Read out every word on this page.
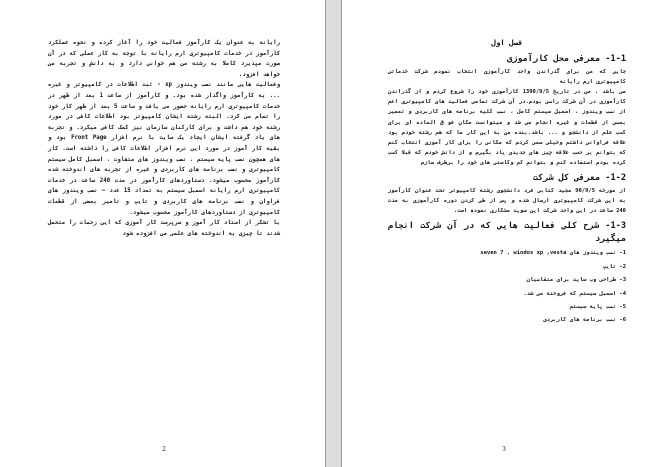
رایانه به عنوان یک کارآموز فعالیت خود را آغاز کرده و نحوه عملکرد کارآموز در خدمات کامپیوتری ارم رایانه با توجه به کار عملی که در آن صورت مپذیرد کاملا به رشته من هم خوانی دارد و به دانش و تجربه من خواهد افزود.

وفعالیت هایی مانند نصب ویندوز xp - ثبت اطلاعات در کامپیوتر و غیره ... به کارآموز واگذار شده بود. و کارآموز از ساعت 1 بعد از ظهر در خدمات کامپیوتری ارم رایانه حضور می یافت و ساعت 5 بعد از ظهر کار خود را تمام می کرد. البته رشته ایشان کامپیوتر بود اطلاعات کافی در مورد رشته خود هم داشت و برای کارکنان سازمان نیز کمک کافی میکرد. و تجربه های یاد گرفته ایشان ایجاد یک سایت با نرم افزار Front Page بود و بقیه کار آموز در مورد این نرم افزار اطلاعات کافی را داشته است. کار های همچون نصب پایه سیستم ، نصب ویندوز های متفاوت ، اسمبل کامل سیستم کامپیوتری و نصب برنامه های کاربردی و غیره از تجربه های اندوخته شده کارآموز محسوب میشود. دستاوردهای کارآموز در مدت 240 ساعت در خدمات کامپیوتری ارم رایانه اسمبل سیستم به تعداد 15 عدد – نصب ویندوز های فراوان و نصب برنامه های کاربردی و تایپ و تامیر بعضی از قطعات کامپیوتری از دستاوردهای کارآموز محسوب میشود.

با تشکر از استاد کار آموز و سرپرست کار آموزی که این زحمات را متحمل شدند تا چیزی به اندوخته های علمی من افزوده شود

2

فصل اول

1-1- معرفی محل کارآموزی

جایی که من برای گذراندن واحد کارآموزی انتخاب نمودم شرکت خدماتی کامپیوتری ارم رایانه

می باشد . من در تاریخ 1390/9/5 کارآموزی خود را شروع کردم و از گذراندن کارآموزی در آن شرکت راضی بودم.در آن شرکت تمامی فعالیت های کامپیوتری اعم از نصب ویندوز ، اسمبل سیستم کامل ، نصب کلیه برنامه های کاربردی و تعمیر بعضی از قطعات و غیره انجام می شد و میتوانست مکان فو ق العاده ای برای کسب علم از دانشجو و ... باشد.بنده من به این کار ما که هم رشته خودم بود علاقه فراوانی داشتم وخیلی سعی کردم که مکانی را برای کار آموزی انتخاب کنم که بتوانم بر حسب علاقه چیز های جدیدی یاد بگیرم و از دانش خودم که قبلا کسب کرده بودم استفاده کنم و بتوانم کم وکاستی های خود را برطرف سازم

1-2- معرفی کل شرکت

از مورخه 90/9/5 مجید کتابی فرد دانشجوی رشته کامپیوتر تحت عنوان کارآموز به این شرکت کامپیوتری ارسال شده و پس از طی کردن دوره کارآموزی به مدت 240 ساعت در این واحد شرکت این سویت مشکاری نمودہ است.

1-3- شرح کلی فعالیت هایی که در آن شرکت انجام میگیرد

1- نصب ویندوز های seven 7 , windos xp ,vesta
2- تایپ
3- طراحی وب سایت برای متقاضیان
4- اسمبل سیستم که فروخته می شد.
5- نصب پایه سیستم
6- نصب برنامه های کاربردی
3
